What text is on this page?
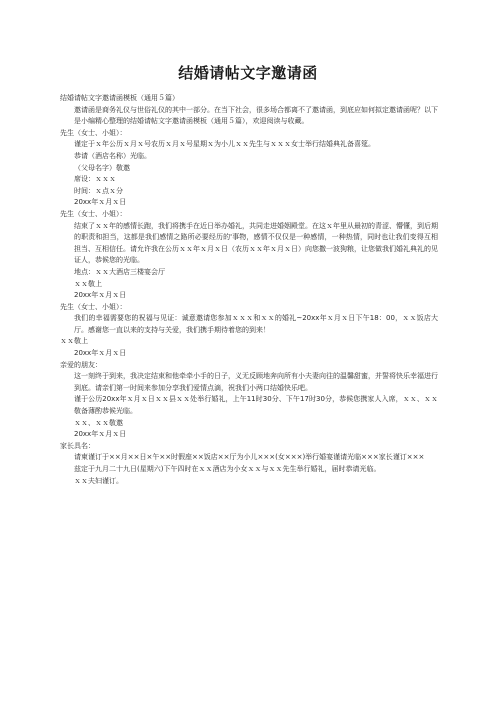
结婚请帖文字邀请函
结婚请帖文字邀请函模板（通用５篇）
邀请函是商务礼仪与世俗礼仪的其中一部分。在当下社会，很多场合都离不了邀请函，到底应如何拟定邀请函呢？以下是小编精心整理的结婚请帖文字邀请函模板（通用５篇），欢迎阅读与收藏。
先生（女士、小姐）：
谨定于ｘ年公历ｘ月ｘ号农历ｘ月ｘ号星期ｘ为小儿ｘｘ先生与ｘｘｘ女士举行结婚典礼备喜筵。
恭请（酒店名称）光临。
（父母名字）敬邀
席设：ｘｘｘ
时间：ｘ点ｘ分
20xx年ｘ月ｘ日
先生（女士、小姐）：
结束了ｘｘ年的感情长跑，我们将携手在近日举办婚礼，共同走进婚姻殿堂。在这ｘ年里从最初的青涩、懵懂，到后期的职责和担当，这都是我们感情之路所必要经历的'事物，感情不仅仅是一种感情，一种热情，同时也让我们变得互相担当、互相信任。请允许我在公历ｘｘ年ｘ月ｘ日（农历ｘｘ年ｘ月ｘ日）向您撒一波狗粮，让您做我们婚礼典礼的见证人，恭候您的光临。
地点：ｘｘ大酒店三楼宴会厅
ｘｘ敬上
20xx年ｘ月ｘ日
先生（女士、小姐）：
我们的幸福需要您的祝福与见证：诚意邀请您参加ｘｘｘ和ｘｘ的婚礼~20xx年ｘ月ｘ日下午18：00，ｘｘ饭店大厅。感谢您一直以来的支持与关爱，我们携手期待着您的到来！
ｘｘ敬上
20xx年ｘ月ｘ日
亲爱的朋友：
这一刻终于到来，我决定结束和他牵牵小手的日子，义无反顾地奔向所有小夫妻向往的温馨甜蜜，并誓将快乐幸福进行到底。请亲们第一时间来参加分享我们爱情点滴，祝我们小两口结婚快乐吧。
谨于公历20xx年ｘ月ｘ日ｘｘ县ｘｘ处举行婚礼，上午11时30分、下午17时30分，恭候您携家人入席，ｘｘ、ｘｘ敬备薄酌恭候光临。
ｘｘ、ｘｘ敬邀
20xx年ｘ月ｘ日
家长具名：
请柬谨订于××月××日×午××时假座××饭店××厅为小儿×××(女×××)举行婚宴谨请光临×××家长谨订×××
兹定于九月二十九日(星期六)下午四时在ｘｘ酒店为小女ｘｘ与ｘｘ先生举行婚礼，届时恭请光临。
ｘｘ夫妇谨订。
